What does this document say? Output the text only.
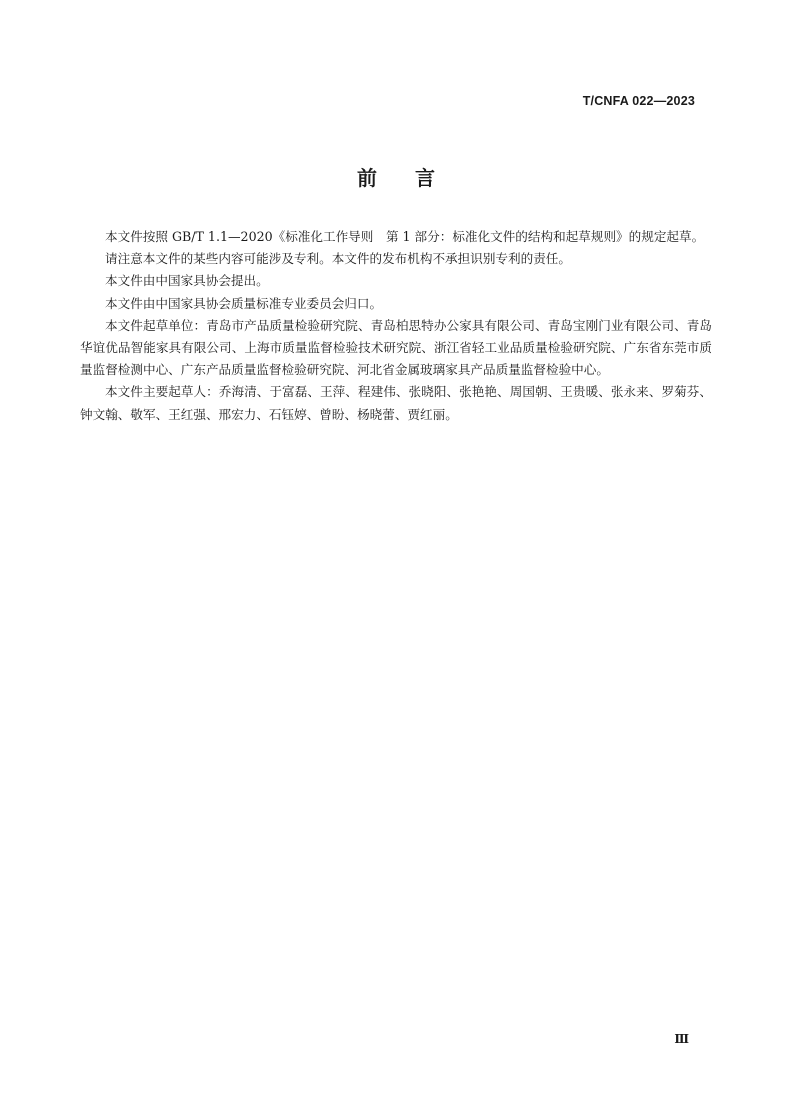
T/CNFA 022—2023
前言

本文件按照 GB/T 1.1—2020《标准化工作导则　第 1 部分：标准化文件的结构和起草规则》的规定起草。

请注意本文件的某些内容可能涉及专利。本文件的发布机构不承担识别专利的责任。

本文件由中国家具协会提出。

本文件由中国家具协会质量标准专业委员会归口。

本文件起草单位：青岛市产品质量检验研究院、青岛柏思特办公家具有限公司、青岛宝刚门业有限公司、青岛华谊优品智能家具有限公司、上海市质量监督检验技术研究院、浙江省轻工业品质量检验研究院、广东省东莞市质量监督检测中心、广东产品质量监督检验研究院、河北省金属玻璃家具产品质量监督检验中心。

本文件主要起草人：乔海清、于富磊、王萍、程建伟、张晓阳、张艳艳、周国朝、王贵暖、张永来、罗菊芬、钟文翰、敬军、王红强、邢宏力、石钰婷、曾盼、杨晓蕾、贾红丽。

Ⅲ
